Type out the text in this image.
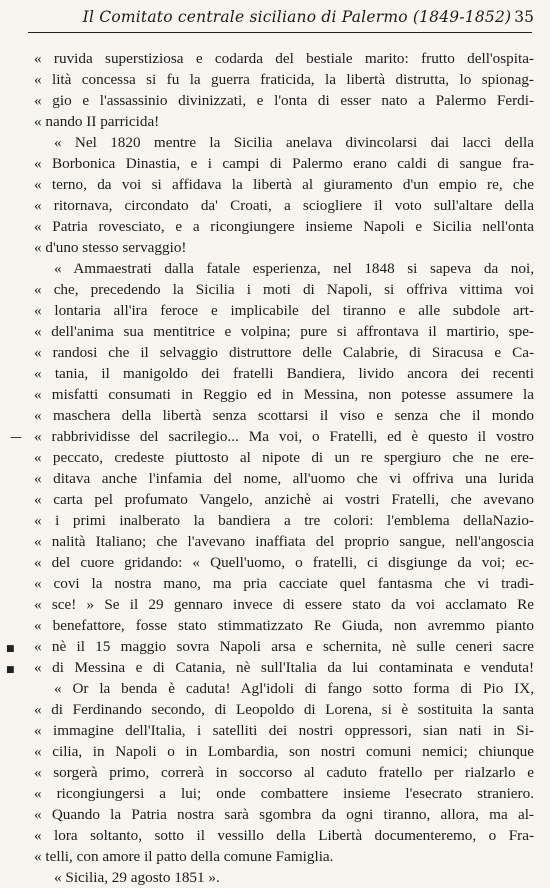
Il Comitato centrale siciliano di Palermo (1849-1852) 35
« ruvida superstiziosa e codarda del bestiale marito: frutto dell'ospita-
« lità concessa si fu la guerra fraticida, la libertà distrutta, lo spionag-
« gio e l'assassinio divinizzati, e l'onta di esser nato a Palermo Ferdi-
« nando II parricida!
« Nel 1820 mentre la Sicilia anelava divincolarsi dai lacci della
« Borbonica Dinastia, e i campi di Palermo erano caldi di sangue fra-
« terno, da voi si affidava la libertà al giuramento d'un empio re, che
« ritornava, circondato da' Croati, a sciogliere il voto sull'altare della
« Patria rovesciato, e a ricongiungere insieme Napoli e Sicilia nell'onta
« d'uno stesso servaggio!
« Ammaestrati dalla fatale esperienza, nel 1848 si sapeva da noi,
« che, precedendo la Sicilia i moti di Napoli, si offriva vittima voi
« lontaria all'ira feroce e implicabile del tiranno e alle subdole art-
« dell'anima sua mentitrice e volpina; pure si affrontava il martirio, spe-
« randosi che il selvaggio distruttore delle Calabrie, di Siracusa e Ca-
« tania, il manigoldo dei fratelli Bandiera, livido ancora dei recenti
« misfatti consumati in Reggio ed in Messina, non potesse assumere la
« maschera della libertà senza scottarsi il viso e senza che il mondo
« rabbrividisse del sacrilegio... Ma voi, o Fratelli, ed è questo il vostro
« peccato, credeste piuttosto al nipote di un re spergiuro che ne ere-
« ditava anche l'infamia del nome, all'uomo che vi offriva una lurida
« carta pel profumato Vangelo, anzichè ai vostri Fratelli, che avevano
« i primi inalberato la bandiera a tre colori: l'emblema dellaNazio-
« nalità Italiano; che l'avevano inaffiata del proprio sangue, nell'angoscia
« del cuore gridando: « Quell'uomo, o fratelli, ci disgiunge da voi; ec-
« covi la nostra mano, ma pria cacciate quel fantasma che vi tradi-
« sce! » Se il 29 gennaro invece di essere stato da voi acclamato Re
« benefattore, fosse stato stimmatizzato Re Giuda, non avremmo pianto
« nè il 15 maggio sovra Napoli arsa e schernita, nè sulle ceneri sacre
« di Messina e di Catania, nè sull'Italia da lui contaminata e venduta!
« Or la benda è caduta! Agl'idoli di fango sotto forma di Pio IX,
« di Ferdinando secondo, di Leopoldo di Lorena, si è sostituita la santa
« immagine dell'Italia, i satelliti dei nostri oppressori, sian nati in Si-
« cilia, in Napoli o in Lombardia, son nostri comuni nemici; chiunque
« sorgerà primo, correrà in soccorso al caduto fratello per rialzarlo e
« ricongiungersi a lui; onde combattere insieme l'esecrato straniero.
« Quando la Patria nostra sarà sgombra da ogni tiranno, allora, ma al-
« lora soltanto, sotto il vessillo della Libertà documenteremo, o Fra-
« telli, con amore il patto della comune Famiglia.
« Sicilia, 29 agosto 1851 ».
■
■
—
